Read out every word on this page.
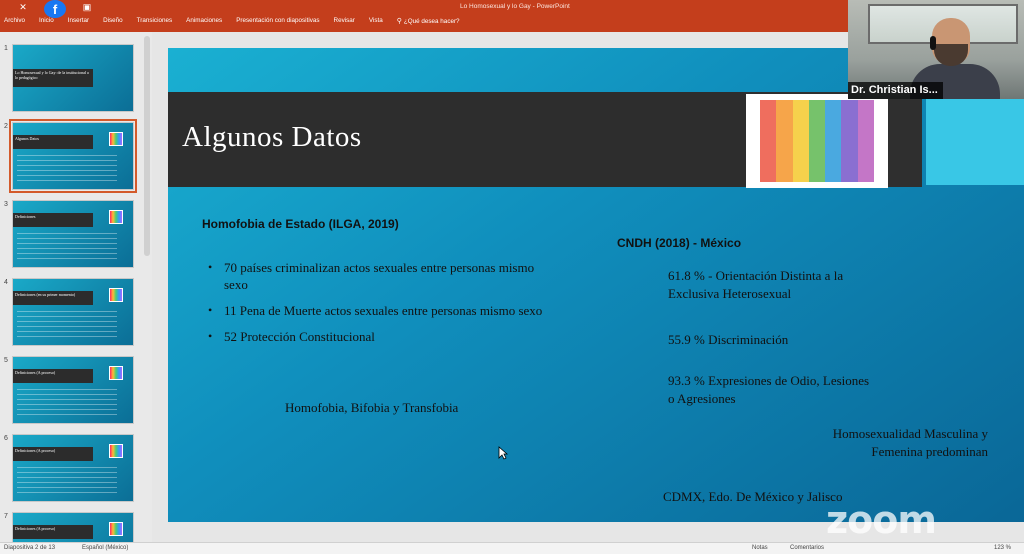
✕	f	▣	Lo Homosexual y lo Gay - PowerPoint
Archivo Inicio Insertar Diseño Transiciones Animaciones Presentación con diapositivas Revisar Vista ⚲ ¿Qué desea hacer?
1
Lo Homosexual y lo Gay: de la institucional a lo pedagógico
2
Algunos Datos
3
Definiciones
4
Definiciones (en su primer momento)
5
Definiciones (A proceso)
6
Definiciones (A proceso)
7
Definiciones (A proceso)
Algunos Datos
Homofobia de Estado (ILGA, 2019)
• 70 países criminalizan actos sexuales entre personas mismo sexo
• 11 Pena de Muerte actos sexuales entre personas mismo sexo
• 52 Protección Constitucional
Homofobia, Bifobia y Transfobia
CNDH (2018) - México
61.8 % - Orientación Distinta a la
Exclusiva Heterosexual
55.9 % Discriminación
93.3 % Expresiones de Odio, Lesiones
o Agresiones
Homosexualidad Masculina y
Femenina predominan
CDMX, Edo. De México y Jalisco
Diapositiva 2 de 13	Español (México)	Notas	Comentarios	123 %
Dr. Christian Is...
zoom
